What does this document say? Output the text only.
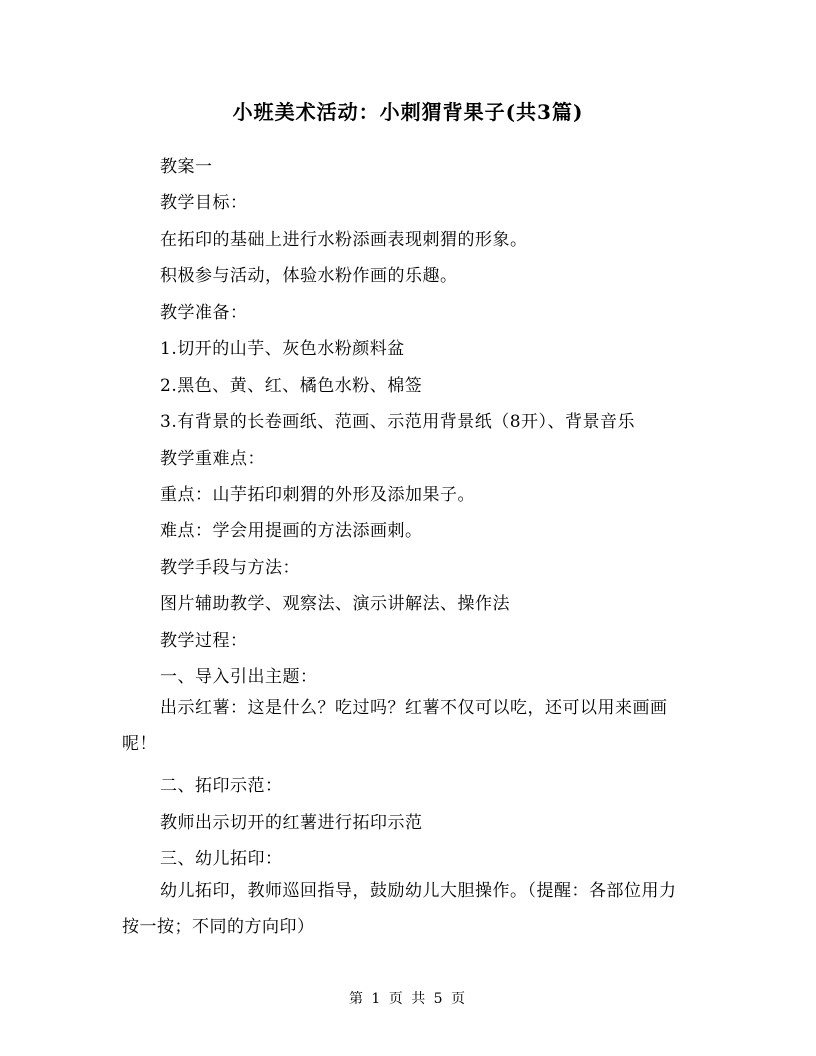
小班美术活动：小刺猬背果子(共3篇)
教案一
教学目标：
在拓印的基础上进行水粉添画表现刺猬的形象。
积极参与活动，体验水粉作画的乐趣。
教学准备：
1.切开的山芋、灰色水粉颜料盆
2.黑色、黄、红、橘色水粉、棉签
3.有背景的长卷画纸、范画、示范用背景纸（8开）、背景音乐
教学重难点：
重点：山芋拓印刺猬的外形及添加果子。
难点：学会用提画的方法添画刺。
教学手段与方法：
图片辅助教学、观察法、演示讲解法、操作法
教学过程：
一、导入引出主题：
出示红薯：这是什么？吃过吗？红薯不仅可以吃，还可以用来画画呢！
二、拓印示范：
教师出示切开的红薯进行拓印示范
三、幼儿拓印：
幼儿拓印，教师巡回指导，鼓励幼儿大胆操作。（提醒：各部位用力按一按；不同的方向印）
第 1 页 共 5 页
